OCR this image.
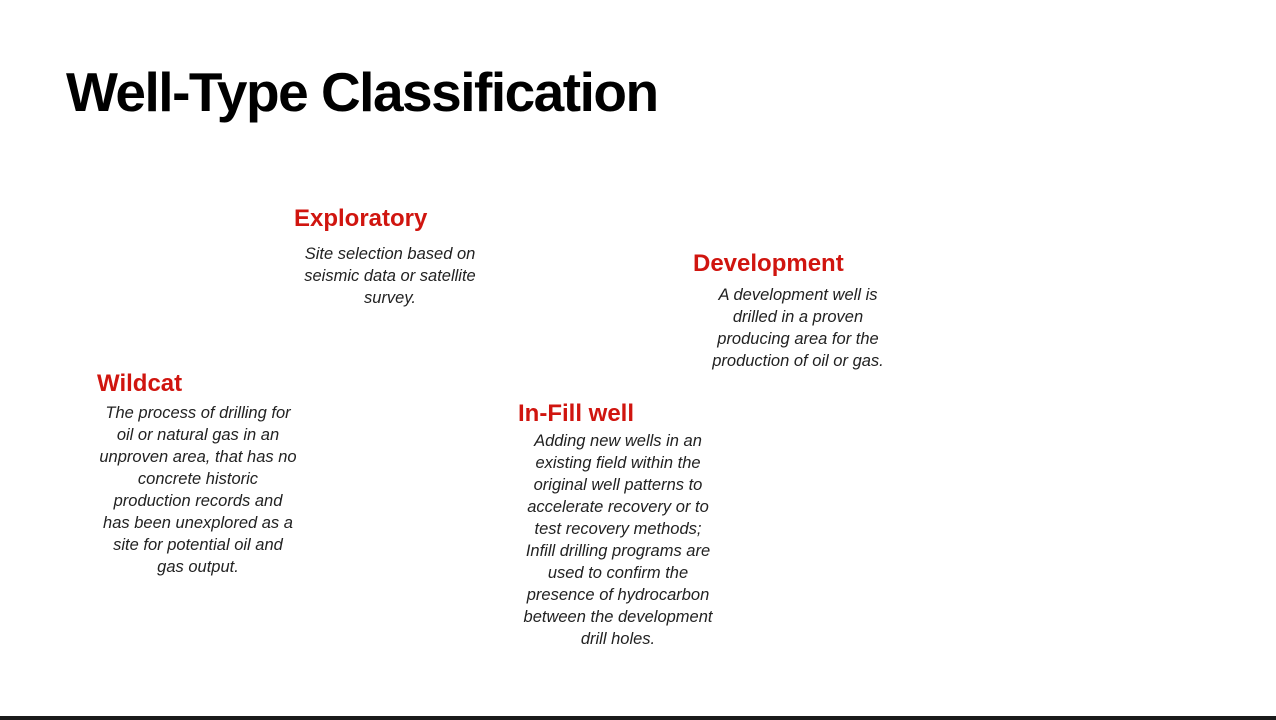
Well-Type Classification
Exploratory
Site selection based on
seismic data or satellite
survey.
Development
A development well is
drilled in a proven
producing area for the
production of oil or gas.
Wildcat
The process of drilling for
oil or natural gas in an
unproven area, that has no
concrete historic
production records and
has been unexplored as a
site for potential oil and
gas output.
In-Fill well
Adding new wells in an
existing field within the
original well patterns to
accelerate recovery or to
test recovery methods;
Infill drilling programs are
used to confirm the
presence of hydrocarbon
between the development
drill holes.
